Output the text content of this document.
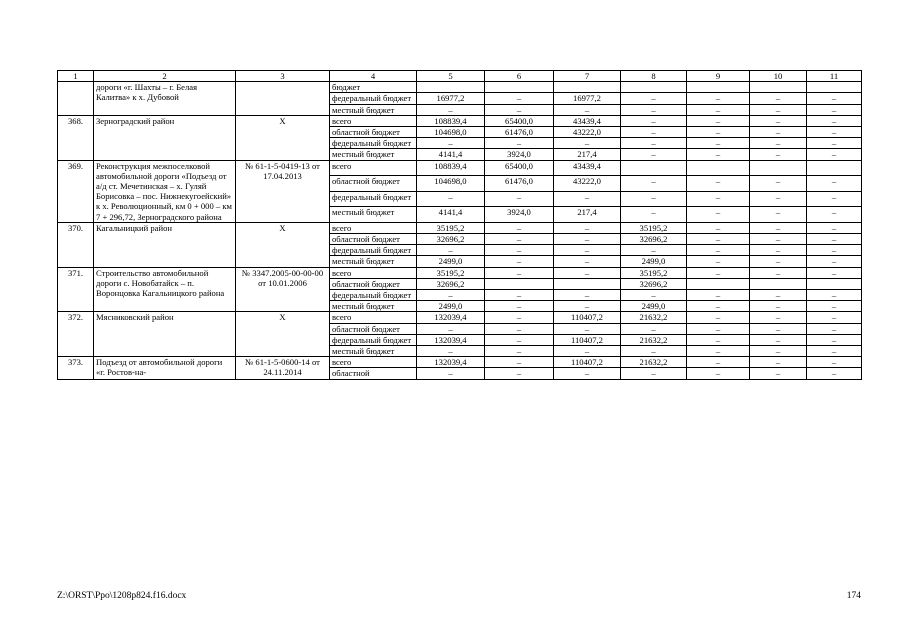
1	2	3	4	5	6	7	8	9	10	11
	дороги «г. Шахты – г. Белая Калитва» к х. Дубовой		бюджет							
			федеральный бюджет	16977,2	–	16977,2	–	–	–	–
			местный бюджет	–	–	–	–	–	–	–
368.	Зерноградский район	Х	всего	108839,4	65400,0	43439,4	–	–	–	–
			областной бюджет	104698,0	61476,0	43222,0	–	–	–	–
			федеральный бюджет	–	–	–	–	–	–	–
			местный бюджет	4141,4	3924,0	217,4	–	–	–	–
369.	Реконструкция межпоселковой автомобильной дороги «Подъезд от а/д ст. Мечетинская – х. Гуляй Борисовка – пос. Нижнекугоейский» к х. Революционный, км 0 + 000 – км 7 + 296,72, Зерноградского района	№ 61-1-5-0419-13 от 17.04.2013	всего	108839,4	65400,0	43439,4				
			областной бюджет	104698,0	61476,0	43222,0	–	–	–	–
			федеральный бюджет	–	–	–	–	–	–	–
			местный бюджет	4141,4	3924,0	217,4	–	–	–	–
370.	Кагальницкий район	Х	всего	35195,2	–	–	35195,2	–	–	–
			областной бюджет	32696,2	–	–	32696,2	–	–	–
			федеральный бюджет	–	–	–	–	–	–	–
			местный бюджет	2499,0	–	–	2499,0	–	–	–
371.	Строительство автомобильной дороги с. Новобатайск – п. Воронцовка Кагальницкого района	№ 3347.2005-00-00-00 от 10.01.2006	всего	35195,2	–	–	35195,2	–	–	–
			областной бюджет	32696,2			32696,2			
			федеральный бюджет	–	–	–	–	–	–	–
			местный бюджет	2499,0	–	–	2499,0	–	–	–
372.	Мясниковский район	Х	всего	132039,4	–	110407,2	21632,2	–	–	–
			областной бюджет	–	–	–	–	–	–	–
			федеральный бюджет	132039,4	–	110407,2	21632,2	–	–	–
			местный бюджет	–	–	–	–	–	–	–
373.	Подъезд от автомобильной дороги «г. Ростов-на-	№ 61-1-5-0600-14 от 24.11.2014	всего	132039,4	–	110407,2	21632,2	–	–	–
			областной	–	–	–	–	–	–	–
Z:\ORST\Ppo\1208p824.f16.docx	174
